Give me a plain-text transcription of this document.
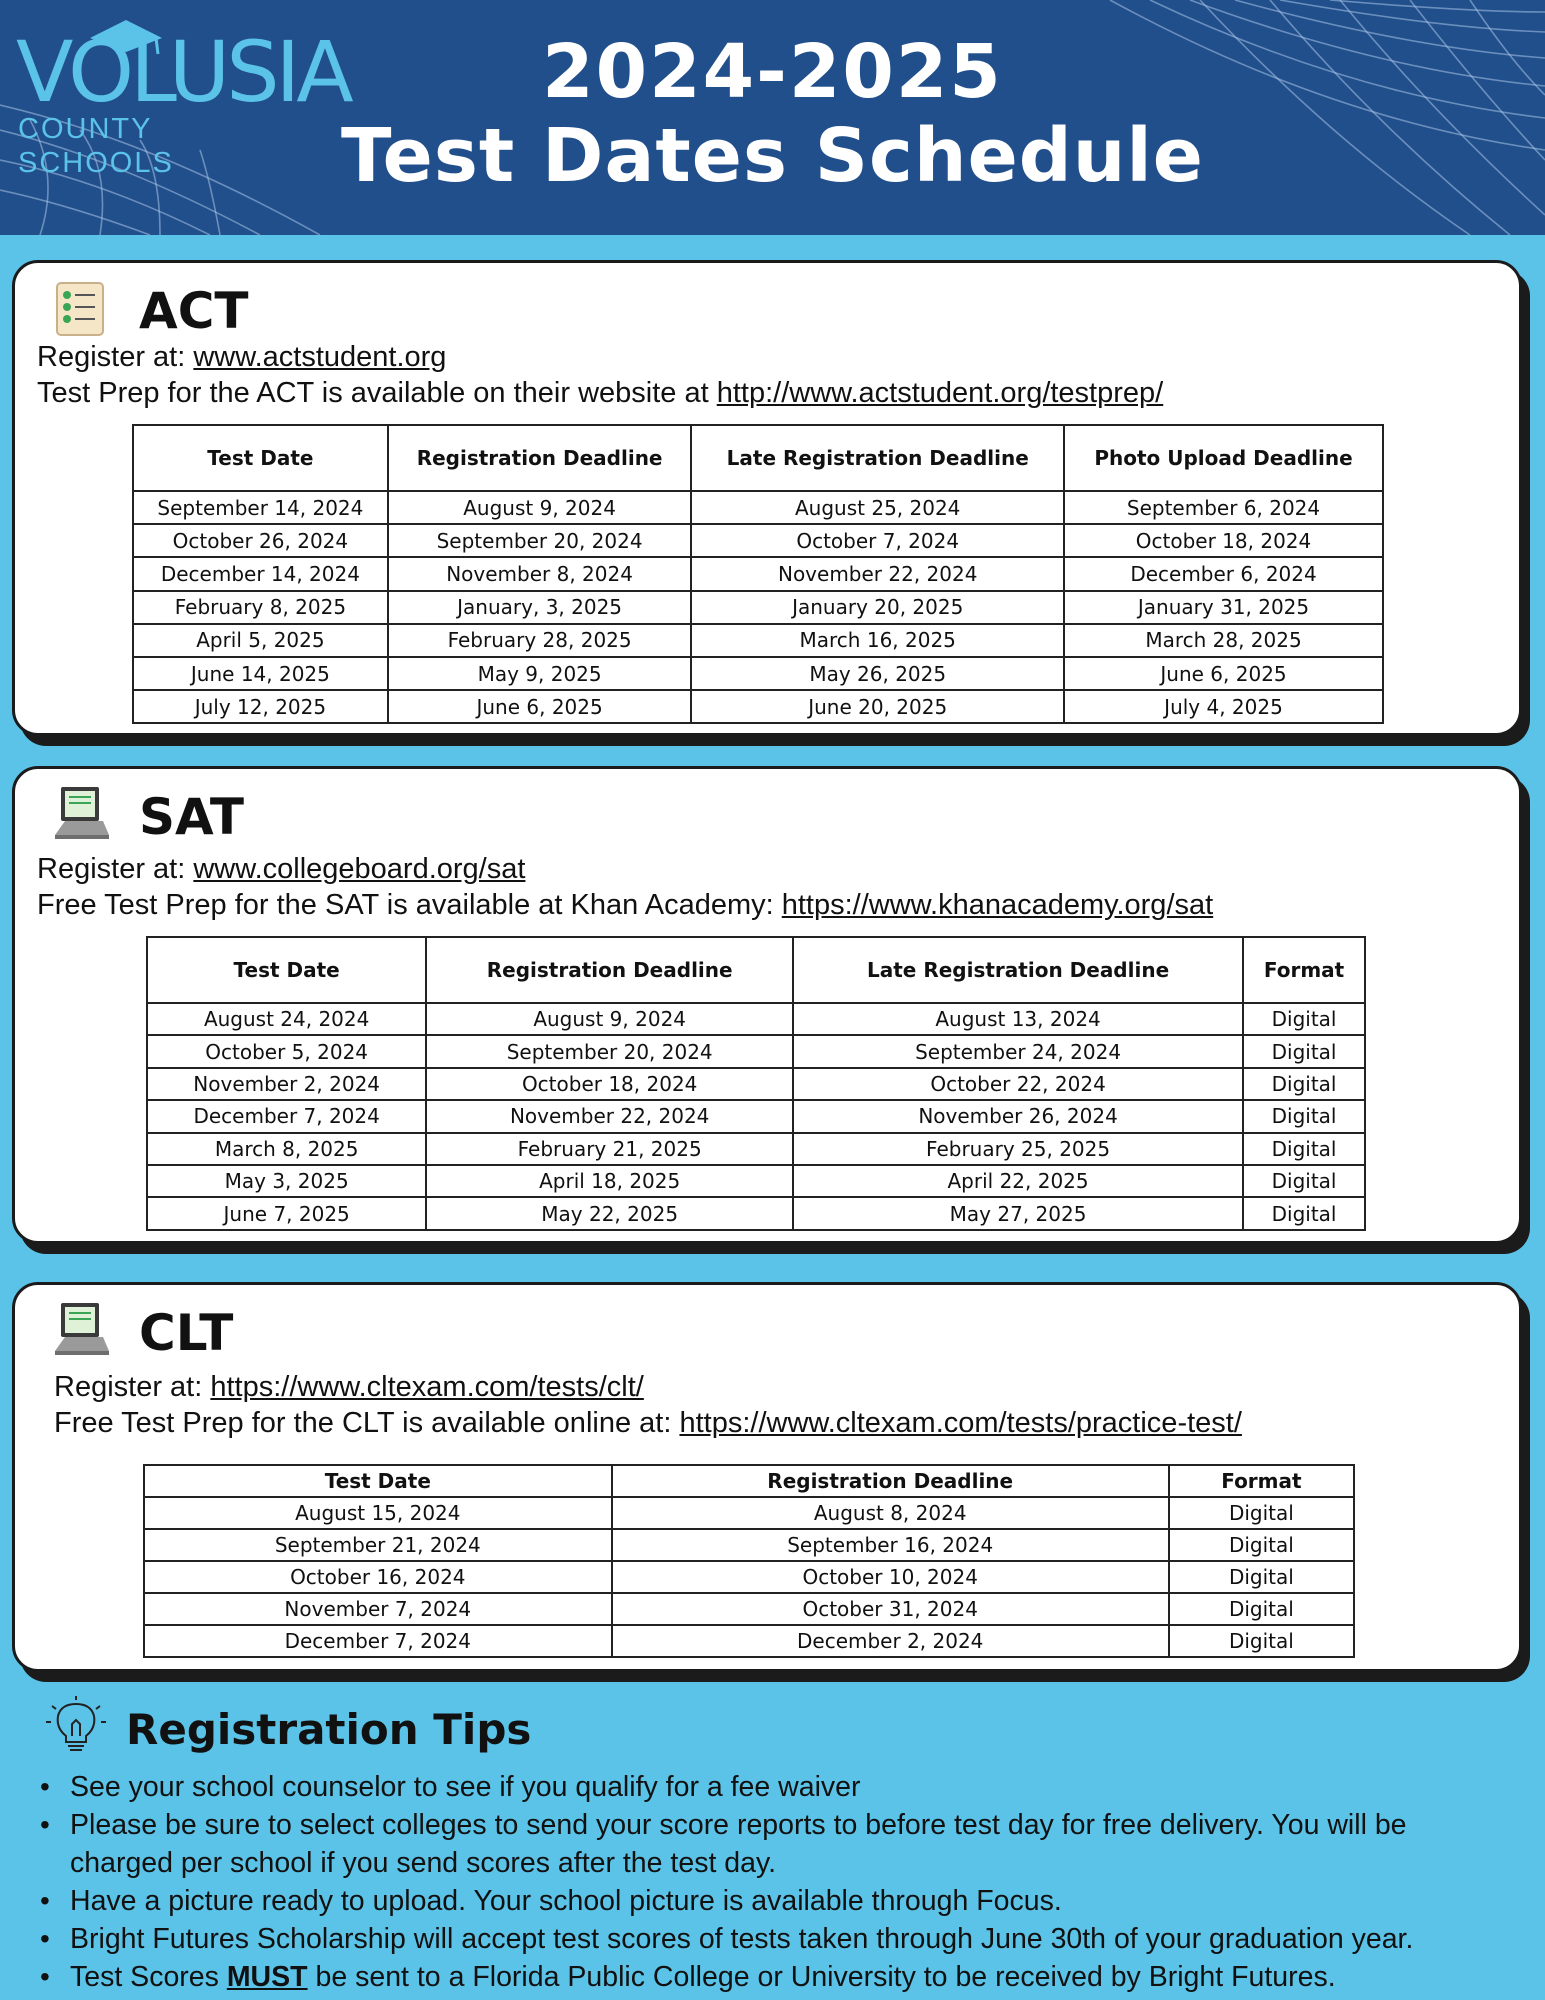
VOLUSIA
COUNTY SCHOOLS
2024-2025
Test Dates Schedule
ACT
Register at: www.actstudent.org
Test Prep for the ACT is available on their website at http://www.actstudent.org/testprep/
Test Date	Registration Deadline	Late Registration Deadline	Photo Upload Deadline
September 14, 2024	August 9, 2024	August 25, 2024	September 6, 2024
October 26, 2024	September 20, 2024	October 7, 2024	October 18, 2024
December 14, 2024	November 8, 2024	November 22, 2024	December 6, 2024
February 8, 2025	January, 3, 2025	January 20, 2025	January 31, 2025
April 5, 2025	February 28, 2025	March 16, 2025	March 28, 2025
June 14, 2025	May 9, 2025	May 26, 2025	June 6, 2025
July 12, 2025	June 6, 2025	June 20, 2025	July 4, 2025
SAT
Register at: www.collegeboard.org/sat
Free Test Prep for the SAT is available at Khan Academy: https://www.khanacademy.org/sat
Test Date	Registration Deadline	Late Registration Deadline	Format
August 24, 2024	August 9, 2024	August 13, 2024	Digital
October 5, 2024	September 20, 2024	September 24, 2024	Digital
November 2, 2024	October 18, 2024	October 22, 2024	Digital
December 7, 2024	November 22, 2024	November 26, 2024	Digital
March 8, 2025	February 21, 2025	February 25, 2025	Digital
May 3, 2025	April 18, 2025	April 22, 2025	Digital
June 7, 2025	May 22, 2025	May 27, 2025	Digital
CLT
Register at: https://www.cltexam.com/tests/clt/
Free Test Prep for the CLT is available online at: https://www.cltexam.com/tests/practice-test/
Test Date	Registration Deadline	Format
August 15, 2024	August 8, 2024	Digital
September 21, 2024	September 16, 2024	Digital
October 16, 2024	October 10, 2024	Digital
November 7, 2024	October 31, 2024	Digital
December 7, 2024	December 2, 2024	Digital
Registration Tips
• See your school counselor to see if you qualify for a fee waiver
• Please be sure to select colleges to send your score reports to before test day for free delivery. You will be charged per school if you send scores after the test day.
• Have a picture ready to upload. Your school picture is available through Focus.
• Bright Futures Scholarship will accept test scores of tests taken through June 30th of your graduation year.
• Test Scores MUST be sent to a Florida Public College or University to be received by Bright Futures.
